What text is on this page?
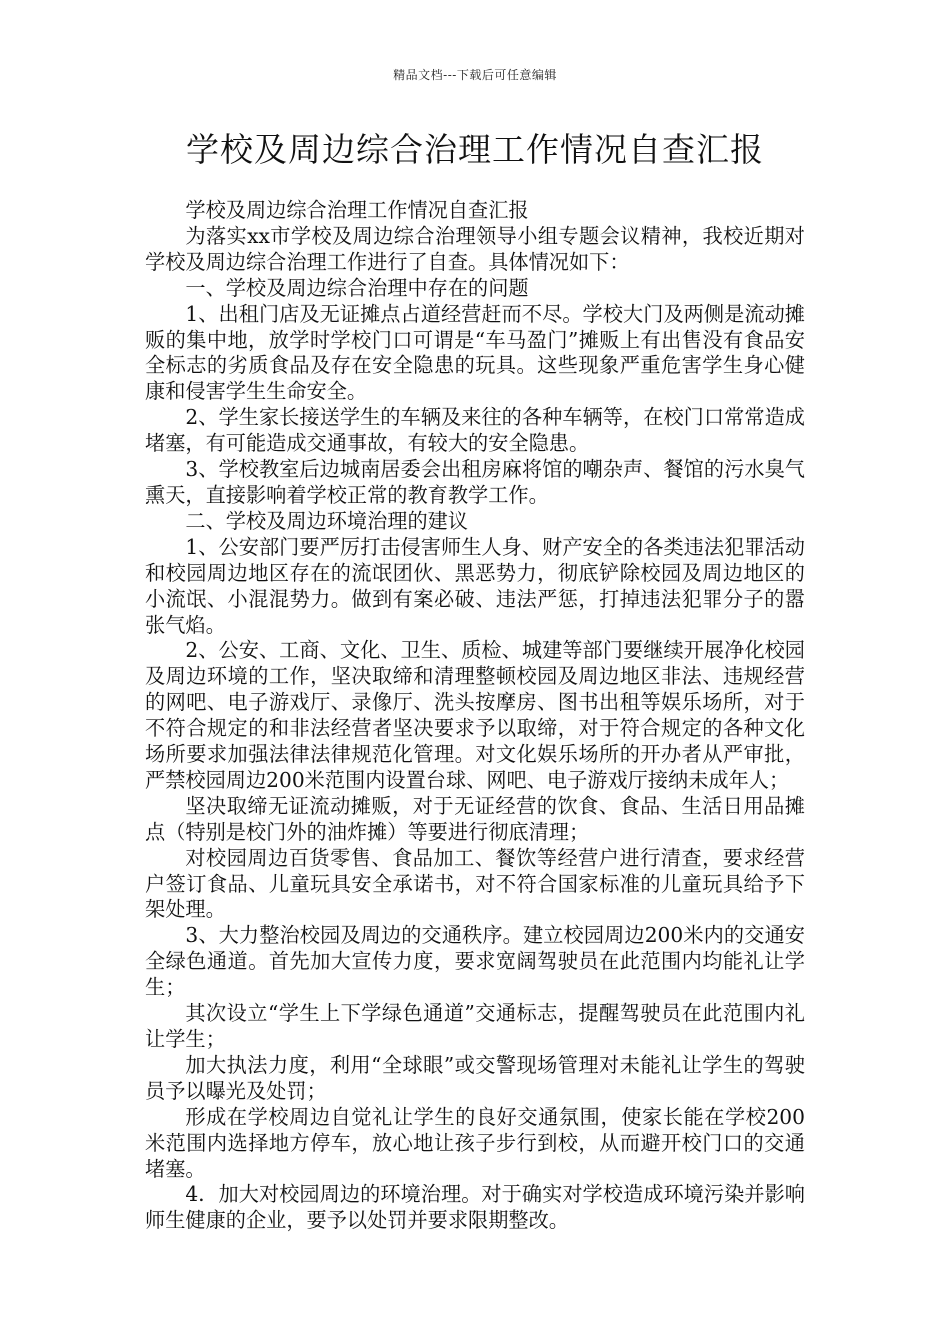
精品文档---下载后可任意编辑
学校及周边综合治理工作情况自查汇报

学校及周边综合治理工作情况自查汇报

为落实xx市学校及周边综合治理领导小组专题会议精神，我校近期对学校及周边综合治理工作进行了自查。具体情况如下：

一、学校及周边综合治理中存在的问题

1、出租门店及无证摊点占道经营赶而不尽。学校大门及两侧是流动摊贩的集中地，放学时学校门口可谓是“车马盈门”摊贩上有出售没有食品安全标志的劣质食品及存在安全隐患的玩具。这些现象严重危害学生身心健康和侵害学生生命安全。

2、学生家长接送学生的车辆及来往的各种车辆等，在校门口常常造成堵塞，有可能造成交通事故，有较大的安全隐患。

3、学校教室后边城南居委会出租房麻将馆的嘲杂声、餐馆的污水臭气熏天，直接影响着学校正常的教育教学工作。

二、学校及周边环境治理的建议

1、公安部门要严厉打击侵害师生人身、财产安全的各类违法犯罪活动和校园周边地区存在的流氓团伙、黑恶势力，彻底铲除校园及周边地区的小流氓、小混混势力。做到有案必破、违法严惩，打掉违法犯罪分子的嚣张气焰。

2、公安、工商、文化、卫生、质检、城建等部门要继续开展净化校园及周边环境的工作，坚决取缔和清理整顿校园及周边地区非法、违规经营的网吧、电子游戏厅、录像厅、洗头按摩房、图书出租等娱乐场所，对于不符合规定的和非法经营者坚决要求予以取缔，对于符合规定的各种文化场所要求加强法律法律规范化管理。对文化娱乐场所的开办者从严审批，严禁校园周边200米范围内设置台球、网吧、电子游戏厅接纳未成年人；

坚决取缔无证流动摊贩，对于无证经营的饮食、食品、生活日用品摊点（特别是校门外的油炸摊）等要进行彻底清理；

对校园周边百货零售、食品加工、餐饮等经营户进行清查，要求经营户签订食品、儿童玩具安全承诺书，对不符合国家标准的儿童玩具给予下架处理。

3、大力整治校园及周边的交通秩序。建立校园周边200米内的交通安全绿色通道。首先加大宣传力度，要求宽阔驾驶员在此范围内均能礼让学生；

其次设立“学生上下学绿色通道”交通标志，提醒驾驶员在此范围内礼让学生；

加大执法力度，利用“全球眼”或交警现场管理对未能礼让学生的驾驶员予以曝光及处罚；

形成在学校周边自觉礼让学生的良好交通氛围，使家长能在学校200米范围内选择地方停车，放心地让孩子步行到校，从而避开校门口的交通堵塞。

4．加大对校园周边的环境治理。对于确实对学校造成环境污染并影响师生健康的企业，要予以处罚并要求限期整改。
